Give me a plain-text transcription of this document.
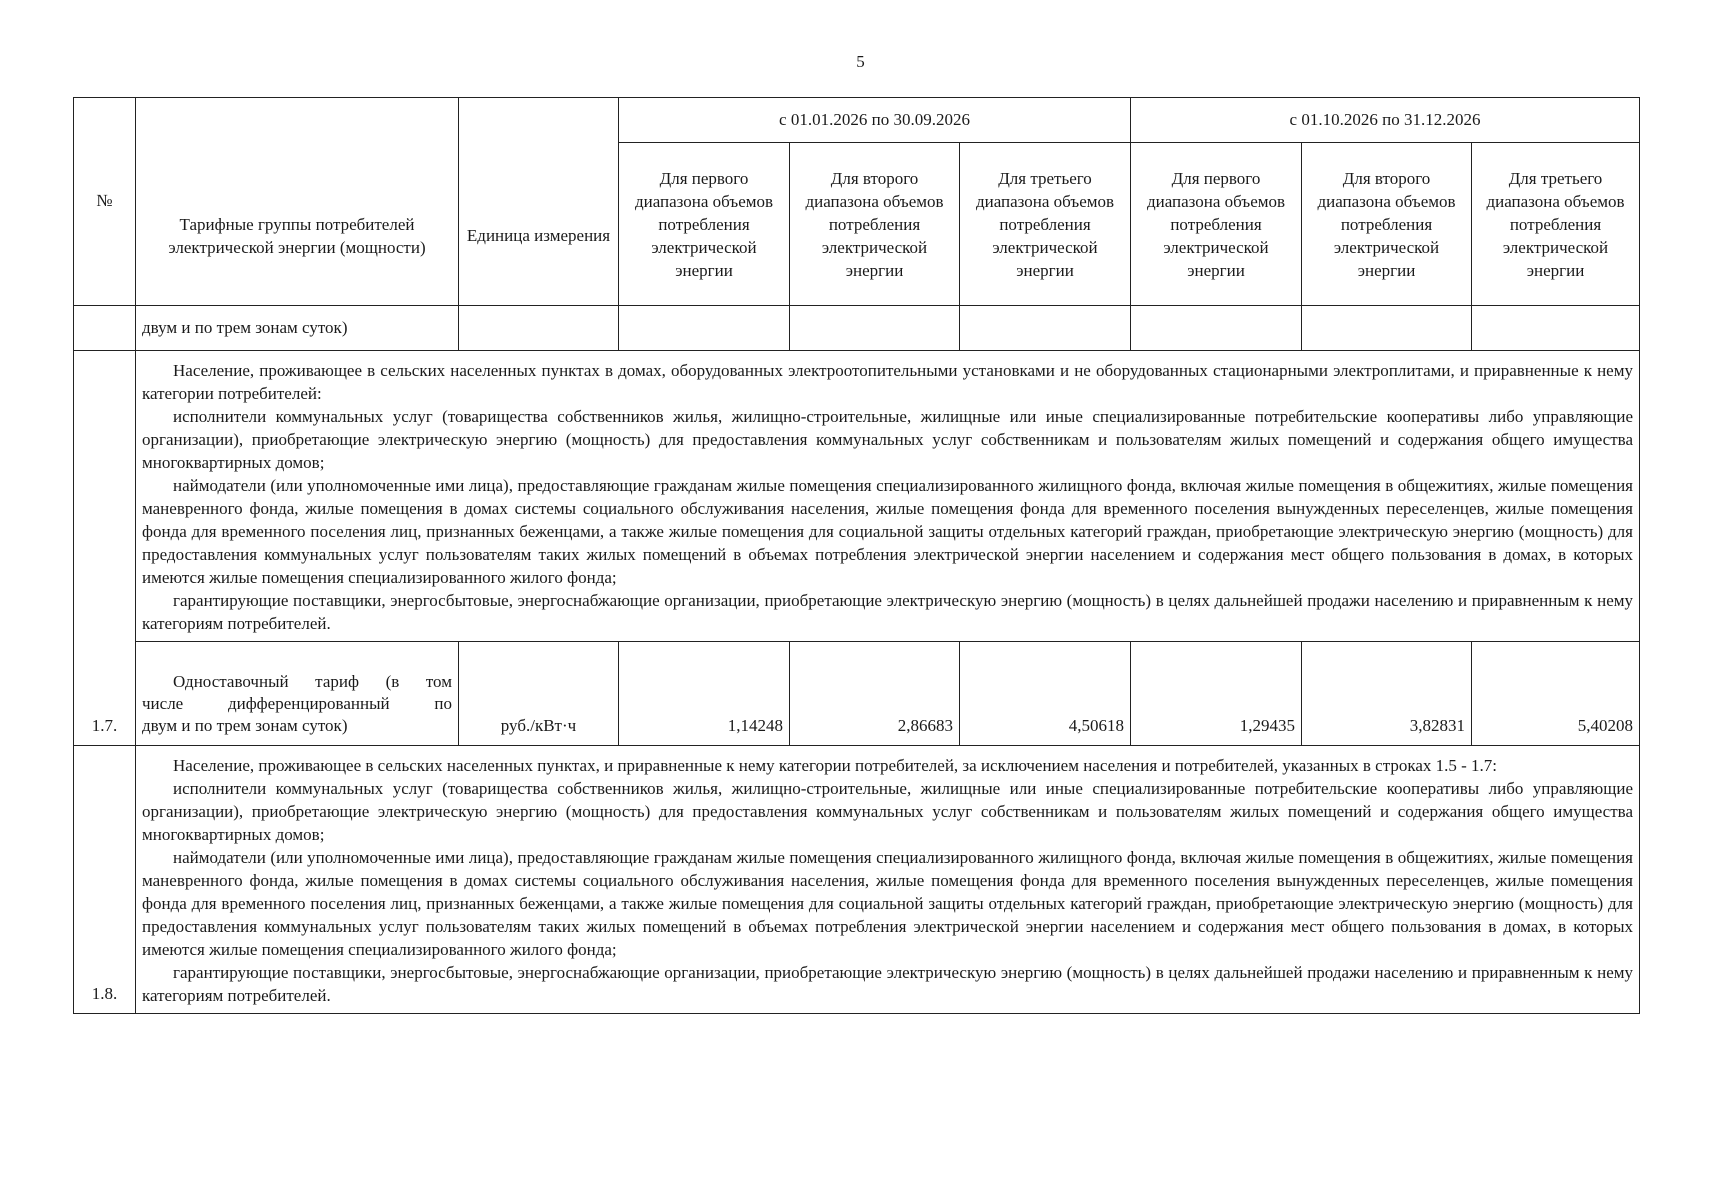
5
№	Тарифные группы потребителей электрической энергии (мощности)	Единица измерения	с 01.01.2026 по 30.09.2026			с 01.10.2026 по 31.12.2026		
			Для первого диапазона объемов потребления электрической энергии	Для второго диапазона объемов потребления электрической энергии	Для третьего диапазона объемов потребления электрической энергии	Для первого диапазона объемов потребления электрической энергии	Для второго диапазона объемов потребления электрической энергии	Для третьего диапазона объемов потребления электрической энергии
	двум и по трем зонам суток)							
1.7.	Население, проживающее в сельских населенных пунктах в домах, оборудованных электроотопительными установками и не оборудованных стационарными электроплитами, и приравненные к нему категории потребителей:

исполнители коммунальных услуг (товарищества собственников жилья, жилищно-строительные, жилищные или иные специализированные потребительские кооперативы либо управляющие организации), приобретающие электрическую энергию (мощность) для предоставления коммунальных услуг собственникам и пользователям жилых помещений и содержания общего имущества многоквартирных домов;

наймодатели (или уполномоченные ими лица), предоставляющие гражданам жилые помещения специализированного жилищного фонда, включая жилые помещения в общежитиях, жилые помещения маневренного фонда, жилые помещения в домах системы социального обслуживания населения, жилые помещения фонда для временного поселения вынужденных переселенцев, жилые помещения фонда для временного поселения лиц, признанных беженцами, а также жилые помещения для социальной защиты отдельных категорий граждан, приобретающие электрическую энергию (мощность) для предоставления коммунальных услуг пользователям таких жилых помещений в объемах потребления электрической энергии населением и содержания мест общего пользования в домах, в которых имеются жилые помещения специализированного жилого фонда;

гарантирующие поставщики, энергосбытовые, энергоснабжающие организации, приобретающие электрическую энергию (мощность) в целях дальнейшей продажи населению и приравненным к нему категориям потребителей.							

	Одноставочный тариф (в том
числе дифференцированный по
двум и по трем зонам суток)	руб./кВт·ч	1,14248	2,86683	4,50618	1,29435	3,82831	5,40208
1.8.	Население, проживающее в сельских населенных пунктах, и приравненные к нему категории потребителей, за исключением населения и потребителей, указанных в строках 1.5 - 1.7:

исполнители коммунальных услуг (товарищества собственников жилья, жилищно-строительные, жилищные или иные специализированные потребительские кооперативы либо управляющие организации), приобретающие электрическую энергию (мощность) для предоставления коммунальных услуг собственникам и пользователям жилых помещений и содержания общего имущества многоквартирных домов;

наймодатели (или уполномоченные ими лица), предоставляющие гражданам жилые помещения специализированного жилищного фонда, включая жилые помещения в общежитиях, жилые помещения маневренного фонда, жилые помещения в домах системы социального обслуживания населения, жилые помещения фонда для временного поселения вынужденных переселенцев, жилые помещения фонда для временного поселения лиц, признанных беженцами, а также жилые помещения для социальной защиты отдельных категорий граждан, приобретающие электрическую энергию (мощность) для предоставления коммунальных услуг пользователям таких жилых помещений в объемах потребления электрической энергии населением и содержания мест общего пользования в домах, в которых имеются жилые помещения специализированного жилого фонда;

гарантирующие поставщики, энергосбытовые, энергоснабжающие организации, приобретающие электрическую энергию (мощность) в целях дальнейшей продажи населению и приравненным к нему категориям потребителей.							
